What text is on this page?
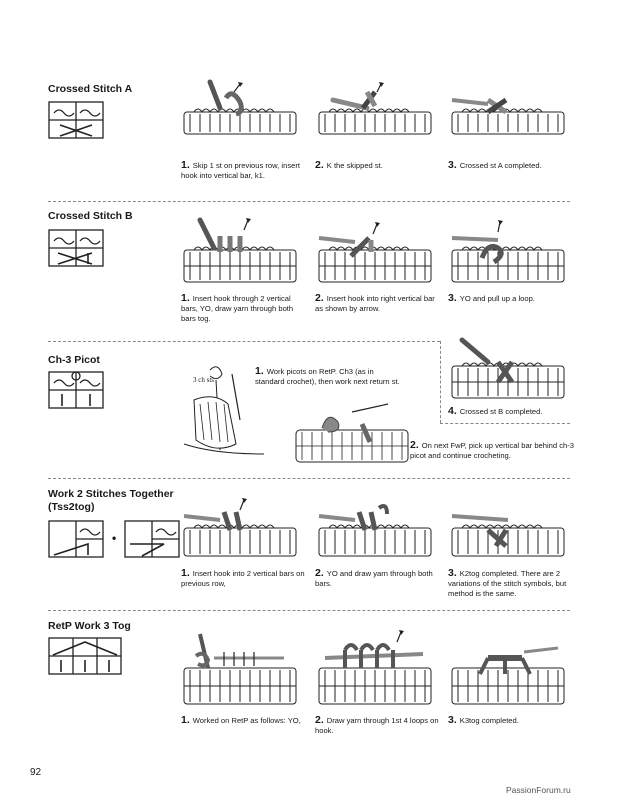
Crossed Stitch A
1. Skip 1 st on previous row, insert hook into vertical bar, k1.
2. K the skipped st.	3. Crossed st A completed.
Crossed Stitch B
1. Insert hook through 2 vertical bars, YO, draw yarn through both bars tog.
2. Insert hook into right vertical bar as shown by arrow.
3. YO and pull up a loop.
4. Crossed st B completed.
Ch-3 Picot
3 ch sts
1. Work picots on RetP. Ch3 (as in standard crochet), then work next return st.
2. On next FwP, pick up vertical bar behind ch-3 picot and continue crocheting.
Work 2 Stitches Together (Tss2tog)
•
1. Insert hook into 2 vertical bars on previous row,
2. YO and draw yarn through both bars.
3. K2tog completed. There are 2 variations of the stitch symbols, but method is the same.
RetP Work 3 Tog
1. Worked on RetP as follows: YO,	2. Draw yarn through 1st 4 loops on hook.
3. K3tog completed.
92
PassionForum.ru
